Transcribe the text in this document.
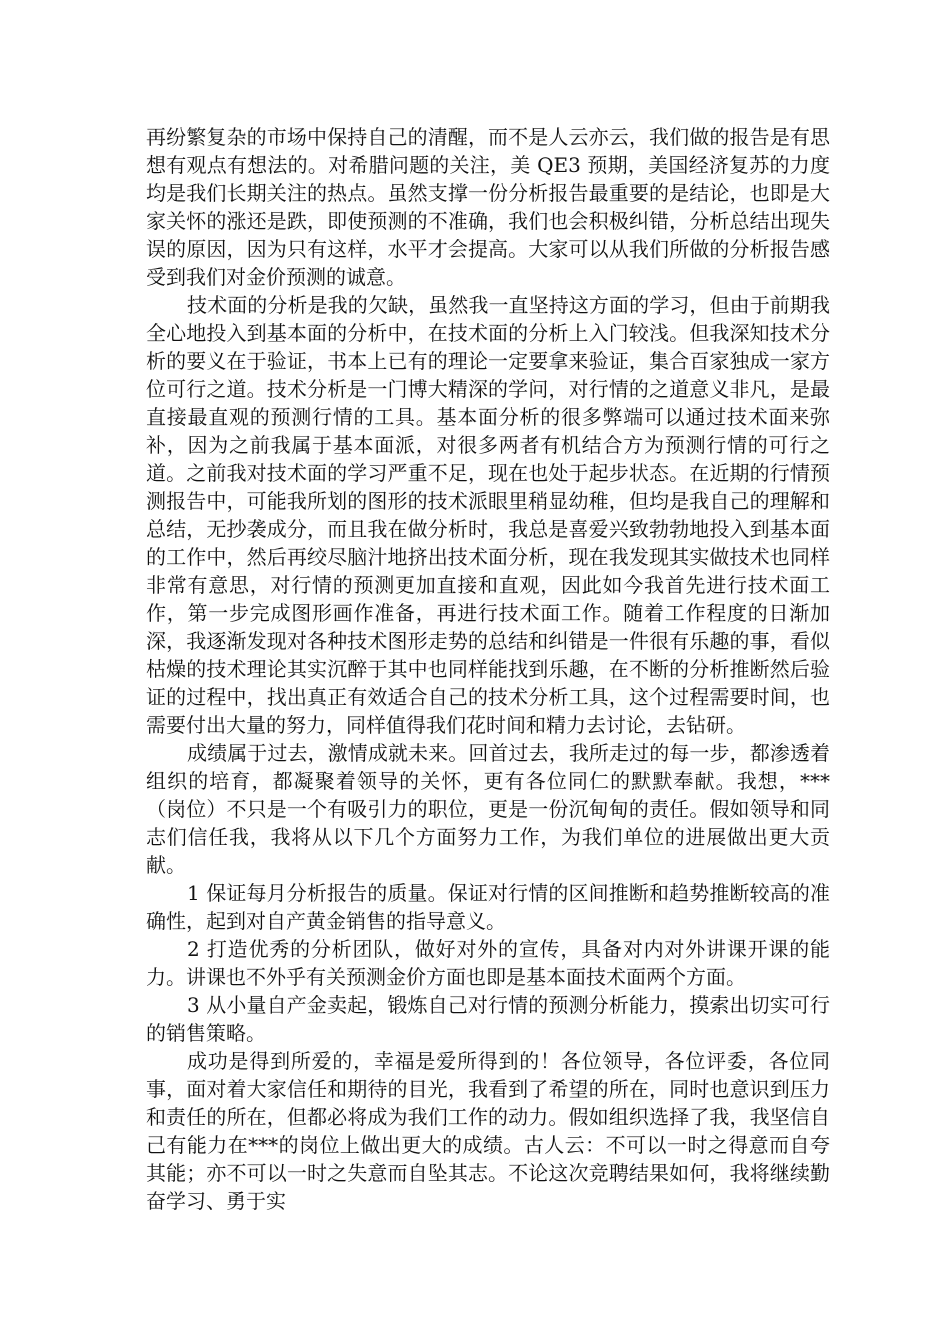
再纷繁复杂的市场中保持自己的清醒，而不是人云亦云，我们做的报告是有思想有观点有想法的。对希腊问题的关注，美 QE3 预期，美国经济复苏的力度均是我们长期关注的热点。虽然支撑一份分析报告最重要的是结论，也即是大家关怀的涨还是跌，即使预测的不准确，我们也会积极纠错，分析总结出现失误的原因，因为只有这样，水平才会提高。大家可以从我们所做的分析报告感受到我们对金价预测的诚意。

技术面的分析是我的欠缺，虽然我一直坚持这方面的学习，但由于前期我全心地投入到基本面的分析中，在技术面的分析上入门较浅。但我深知技术分析的要义在于验证，书本上已有的理论一定要拿来验证，集合百家独成一家方位可行之道。技术分析是一门博大精深的学问，对行情的之道意义非凡，是最直接最直观的预测行情的工具。基本面分析的很多弊端可以通过技术面来弥补，因为之前我属于基本面派，对很多两者有机结合方为预测行情的可行之道。之前我对技术面的学习严重不足，现在也处于起步状态。在近期的行情预测报告中，可能我所划的图形的技术派眼里稍显幼稚，但均是我自己的理解和总结，无抄袭成分，而且我在做分析时，我总是喜爱兴致勃勃地投入到基本面的工作中，然后再绞尽脑汁地挤出技术面分析，现在我发现其实做技术也同样非常有意思，对行情的预测更加直接和直观，因此如今我首先进行技术面工作，第一步完成图形画作准备，再进行技术面工作。随着工作程度的日渐加深，我逐渐发现对各种技术图形走势的总结和纠错是一件很有乐趣的事，看似枯燥的技术理论其实沉醉于其中也同样能找到乐趣，在不断的分析推断然后验证的过程中，找出真正有效适合自己的技术分析工具，这个过程需要时间，也需要付出大量的努力，同样值得我们花时间和精力去讨论，去钻研。

成绩属于过去，激情成就未来。回首过去，我所走过的每一步，都渗透着组织的培育，都凝聚着领导的关怀，更有各位同仁的默默奉献。我想，***（岗位）不只是一个有吸引力的职位，更是一份沉甸甸的责任。假如领导和同志们信任我，我将从以下几个方面努力工作，为我们单位的进展做出更大贡献。

1 保证每月分析报告的质量。保证对行情的区间推断和趋势推断较高的准确性，起到对自产黄金销售的指导意义。

2 打造优秀的分析团队，做好对外的宣传，具备对内对外讲课开课的能力。讲课也不外乎有关预测金价方面也即是基本面技术面两个方面。

3 从小量自产金卖起，锻炼自己对行情的预测分析能力，摸索出切实可行的销售策略。

成功是得到所爱的，幸福是爱所得到的！各位领导，各位评委，各位同事，面对着大家信任和期待的目光，我看到了希望的所在，同时也意识到压力和责任的所在，但都必将成为我们工作的动力。假如组织选择了我，我坚信自己有能力在***的岗位上做出更大的成绩。古人云：不可以一时之得意而自夸其能；亦不可以一时之失意而自坠其志。不论这次竞聘结果如何，我将继续勤奋学习、勇于实
